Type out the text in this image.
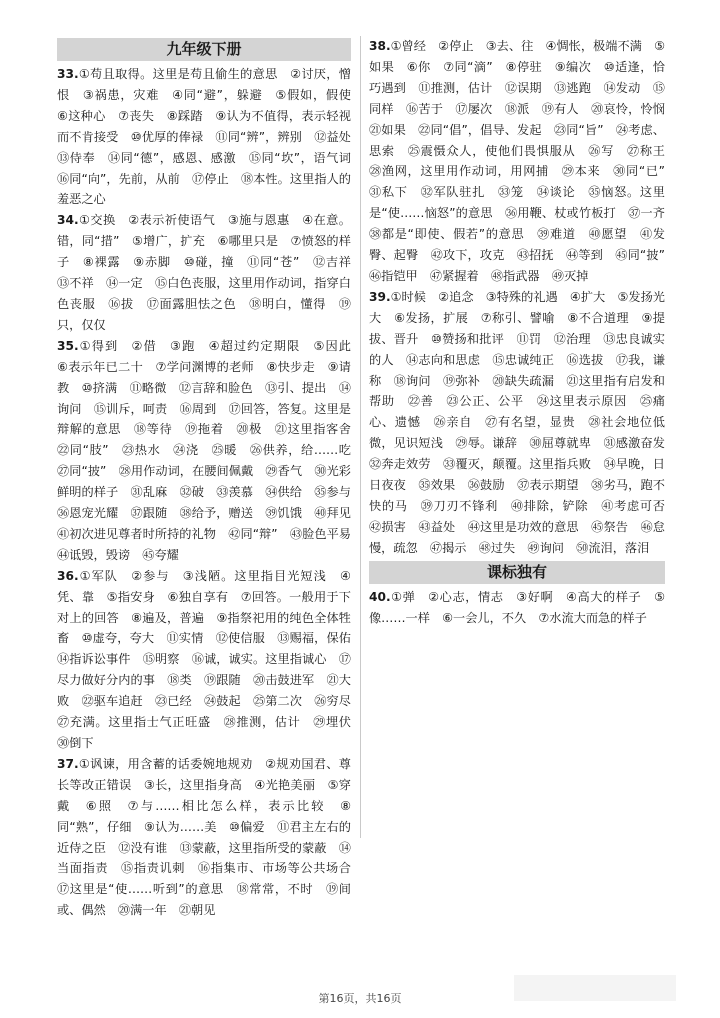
九年级下册

33.①苟且取得。这里是苟且偷生的意思　②讨厌，憎恨　③祸患，灾难　④同“避”，躲避　⑤假如，假使　⑥这种心　⑦丧失　⑧踩踏　⑨认为不值得，表示轻视而不肯接受　⑩优厚的俸禄　⑪同“辨”，辨别　⑫益处　⑬侍奉　⑭同“德”，感恩、感激　⑮同“坎”，语气词　⑯同“向”，先前，从前　⑰停止　⑱本性。这里指人的羞恶之心

34.①交换　②表示祈使语气　③施与恩惠　④在意。错，同“措”　⑤增广，扩充　⑥哪里只是　⑦愤怒的样子　⑧裸露　⑨赤脚　⑩碰，撞　⑪同“苍”　⑫吉祥　⑬不祥　⑭一定　⑮白色丧服，这里用作动词，指穿白色丧服　⑯拔　⑰面露胆怯之色　⑱明白，懂得　⑲只，仅仅

35.①得到　②借　③跑　④超过约定期限　⑤因此　⑥表示年已二十　⑦学问渊博的老师　⑧快步走　⑨请教　⑩挤满　⑪略微　⑫言辞和脸色　⑬引、提出　⑭询问　⑮训斥，呵责　⑯周到　⑰回答，答复。这里是辩解的意思　⑱等待　⑲拖着　⑳极　㉑这里指客舍　㉒同“肢”　㉓热水　㉔浇　㉕暖　㉖供养，给……吃　㉗同“披”　㉘用作动词，在腰间佩戴　㉙香气　㉚光彩鲜明的样子　㉛乱麻　㉜破　㉝羡慕　㉞供给　㉟参与　㊱恩宠光耀　㊲跟随　㊳给予，赠送　㊴饥饿　㊵拜见　㊶初次进见尊者时所持的礼物　㊷同“辩”　㊸脸色平易　㊹诋毁，毁谤　㊺夸耀

36.①军队　②参与　③浅陋。这里指目光短浅　④凭、靠　⑤指安身　⑥独自享有　⑦回答。一般用于下对上的回答　⑧遍及，普遍　⑨指祭祀用的纯色全体牲畜　⑩虚夸，夸大　⑪实情　⑫使信服　⑬赐福，保佑　⑭指诉讼事件　⑮明察　⑯诚，诚实。这里指诚心　⑰尽力做好分内的事　⑱类　⑲跟随　⑳击鼓进军　㉑大败　㉒驱车追赶　㉓已经　㉔鼓起　㉕第二次　㉖穷尽　㉗充满。这里指士气正旺盛　㉘推测，估计　㉙埋伏　㉚倒下

37.①讽谏，用含蓄的话委婉地规劝　②规劝国君、尊长等改正错误　③长，这里指身高　④光艳美丽　⑤穿戴　⑥照　⑦与……相比怎么样，表示比较　⑧同“熟”，仔细　⑨认为……美　⑩偏爱　⑪君主左右的近侍之臣　⑫没有谁　⑬蒙蔽，这里指所受的蒙蔽　⑭当面指责　⑮指责讥刺　⑯指集市、市场等公共场合　⑰这里是“使……听到”的意思　⑱常常，不时　⑲间或、偶然　⑳满一年　㉑朝见

38.①曾经　②停止　③去、往　④惆怅，极端不满　⑤如果　⑥你　⑦同“滴”　⑧停驻　⑨编次　⑩适逢，恰巧遇到　⑪推测，估计　⑫误期　⑬逃跑　⑭发动　⑮同样　⑯苦于　⑰屡次　⑱派　⑲有人　⑳哀怜，怜悯　㉑如果　㉒同“倡”，倡导、发起　㉓同“旨”　㉔考虑、思索　㉕震慑众人，使他们畏惧服从　㉖写　㉗称王　㉘渔网，这里用作动词，用网捕　㉙本来　㉚同“已”　㉛私下　㉜军队驻扎　㉝笼　㉞谈论　㉟恼怒。这里是“使……恼怒”的意思　㊱用鞭、杖或竹板打　㊲一齐　㊳都是“即使、假若”的意思　㊴难道　㊵愿望　㊶发臀、起臀　㊷攻下，攻克　㊸招抚　㊹等到　㊺同“披”　㊻指铠甲　㊼紧握着　㊽指武器　㊾灭掉

39.①时候　②追念　③特殊的礼遇　④扩大　⑤发扬光大　⑥发扬，扩展　⑦称引、譬喻　⑧不合道理　⑨提拔、晋升　⑩赞扬和批评　⑪罚　⑫治理　⑬忠良诚实的人　⑭志向和思虑　⑮忠诚纯正　⑯选拔　⑰我，谦称　⑱询问　⑲弥补　⑳缺失疏漏　㉑这里指有启发和帮助　㉒善　㉓公正、公平　㉔这里表示原因　㉕痛心、遗憾　㉖亲自　㉗有名望，显贵　㉘社会地位低微，见识短浅　㉙辱。谦辞　㉚屈尊就卑　㉛感激奋发　㉜奔走效劳　㉝覆灭，颠覆。这里指兵败　㉞早晚，日日夜夜　㉟效果　㊱鼓励　㊲表示期望　㊳劣马，跑不快的马　㊴刀刃不锋利　㊵排除，铲除　㊶考虑可否　㊷损害　㊸益处　㊹这里是功效的意思　㊺祭告　㊻怠慢，疏忽　㊼揭示　㊽过失　㊾询问　㊿流泪，落泪

课标独有

40.①弹　②心志，情志　③好啊　④高大的样子　⑤像……一样　⑥一会儿，不久　⑦水流大而急的样子

第16页，共16页
